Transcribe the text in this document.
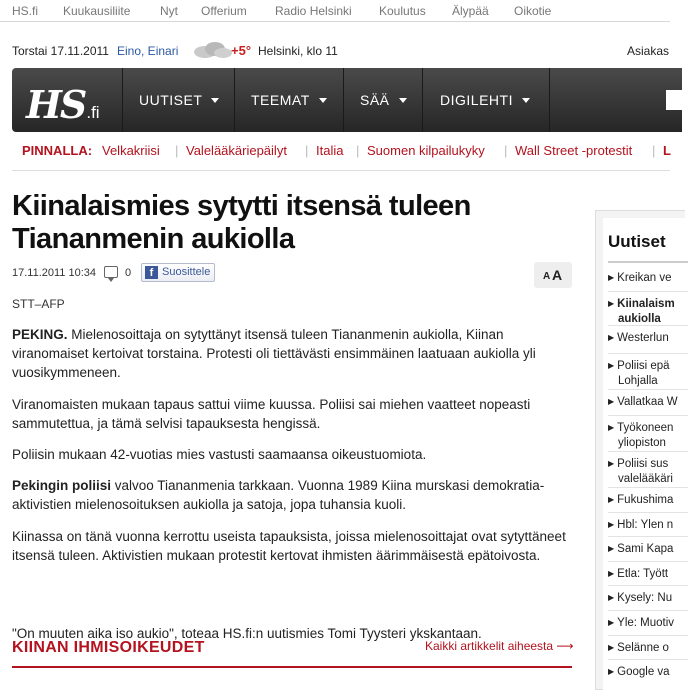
HS.fi Kuukausiliite Nyt Offerium Radio Helsinki Koulutus Älypää Oikotie
Torstai 17.11.2011 Eino, Einari	+5° Helsinki, klo 11	Asiakas
HS.fi
UUTISET	TEEMAT	SÄÄ	DIGILEHTI
PINNALLA: Velkakriisi | Valelääkäriepäilyt | Italia | Suomen kilpailukyky | Wall Street -protestit | L
Kiinalaismies sytytti itsensä tuleen Tiananmenin aukiolla
17.11.2011 10:34	0	f Suosittele	A A
STT–AFP

PEKING. Mielenosoittaja on sytyttänyt itsensä tuleen Tiananmenin aukiolla, Kiinan viranomaiset kertoivat torstaina. Protesti oli tiettävästi ensimmäinen laatuaan aukiolla yli vuosikymmeneen.

Viranomaisten mukaan tapaus sattui viime kuussa. Poliisi sai miehen vaatteet nopeasti sammutettua, ja tämä selvisi tapauksesta hengissä.

Poliisin mukaan 42-vuotias mies vastusti saamaansa oikeustuomiota.

Pekingin poliisi valvoo Tiananmenia tarkkaan. Vuonna 1989 Kiina murskasi demokratia-aktivistien mielenosoituksen aukiolla ja satoja, jopa tuhansia kuoli.

Kiinassa on tänä vuonna kerrottu useista tapauksista, joissa mielenosoittajat ovat sytyttäneet itsensä tuleen. Aktivistien mukaan protestit kertovat ihmisten äärimmäisestä epätoivosta.

"On muuten aika iso aukio", toteaa HS.fi:n uutismies Tomi Tyysteri ykskantaan.

KIINAN IHMISOIKEUDET	Kaikki artikkelit aiheesta ⟶
Uutiset
▶ Kreikan ve
▶ Kiinalaism
aukiolla
▶ Westerlun
▶ Poliisi epä
Lohjalla
▶ Vallatkaa W
▶ Työkoneen
yliopiston
▶ Poliisi sus
valelääkäri
▶ Fukushima
▶ Hbl: Ylen n
▶ Sami Kapa
▶ Etla: Tyött
▶ Kysely: Nu
▶ Yle: Muotiv
▶ Selänne o
▶ Google va
